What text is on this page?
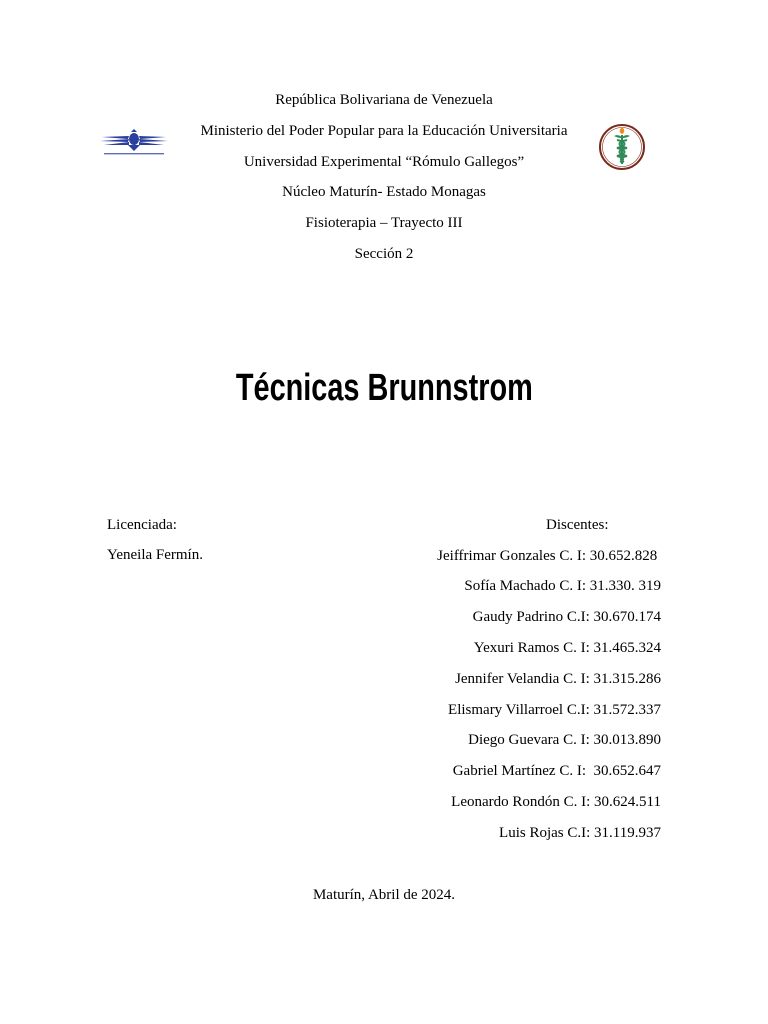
República Bolivariana de Venezuela
Ministerio del Poder Popular para la Educación Universitaria
Universidad Experimental “Rómulo Gallegos”
Núcleo Maturín- Estado Monagas
Fisioterapia – Trayecto III
Sección 2
Técnicas Brunnstrom
Licenciada:
Yeneila Fermín.
Discentes:
Jeiffrimar Gonzales C. I: 30.652.828
Sofía Machado C. I: 31.330. 319
Gaudy Padrino C.I: 30.670.174
Yexuri Ramos C. I: 31.465.324
Jennifer Velandia C. I: 31.315.286
Elismary Villarroel C.I: 31.572.337
Diego Guevara C. I: 30.013.890
Gabriel Martínez C. I:  30.652.647
Leonardo Rondón C. I: 30.624.511
Luis Rojas C.I: 31.119.937
Maturín, Abril de 2024.
